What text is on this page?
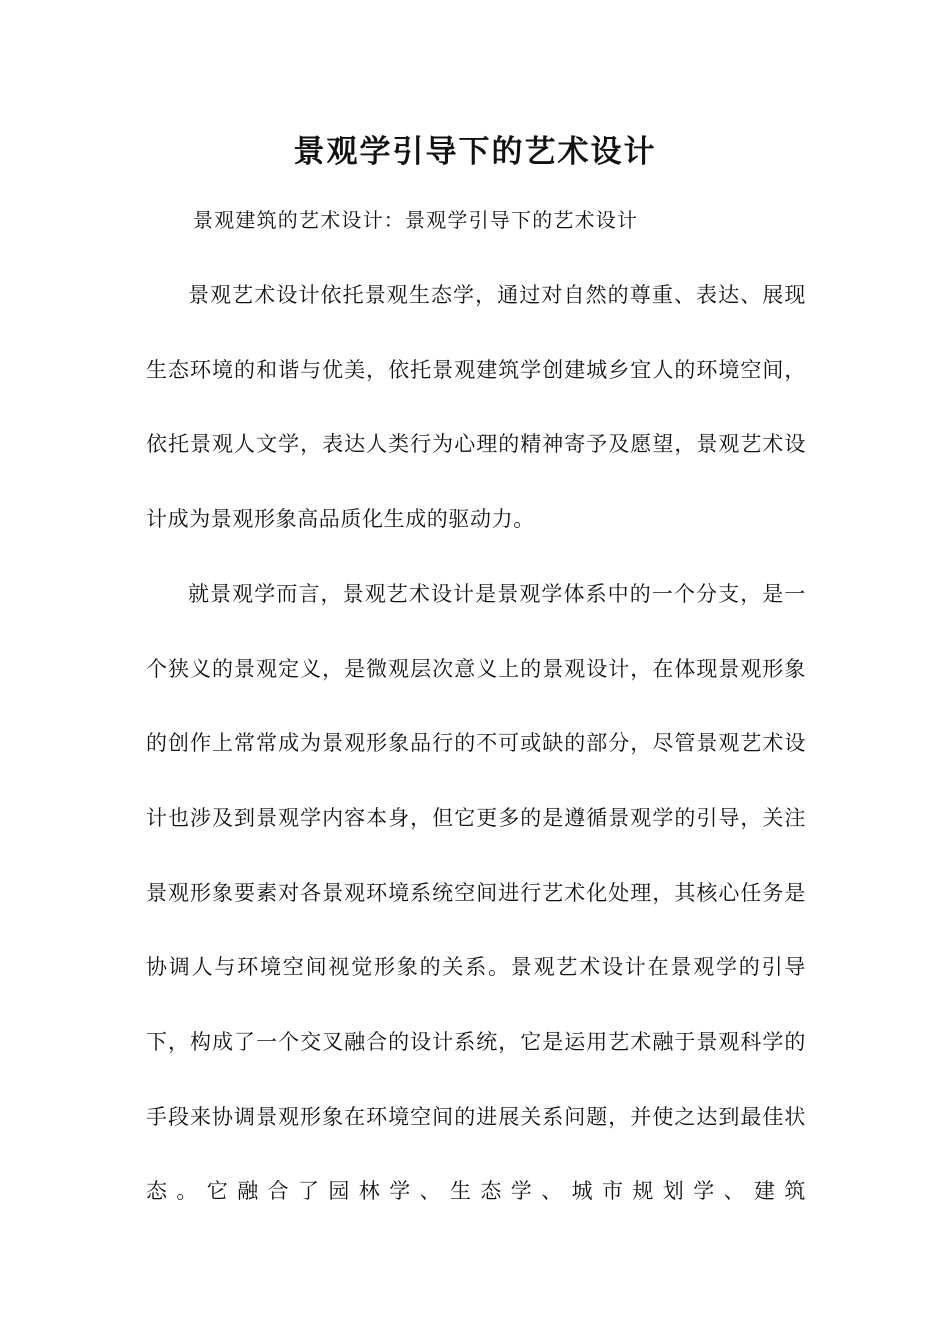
景观学引导下的艺术设计

景观建筑的艺术设计：景观学引导下的艺术设计

景观艺术设计依托景观生态学，通过对自然的尊重、表达、展现生态环境的和谐与优美，依托景观建筑学创建城乡宜人的环境空间，依托景观人文学，表达人类行为心理的精神寄予及愿望，景观艺术设计成为景观形象高品质化生成的驱动力。

就景观学而言，景观艺术设计是景观学体系中的一个分支，是一个狭义的景观定义，是微观层次意义上的景观设计，在体现景观形象的创作上常常成为景观形象品行的不可或缺的部分，尽管景观艺术设计也涉及到景观学内容本身，但它更多的是遵循景观学的引导，关注景观形象要素对各景观环境系统空间进行艺术化处理，其核心任务是协调人与环境空间视觉形象的关系。景观艺术设计在景观学的引导下，构成了一个交叉融合的设计系统，它是运用艺术融于景观科学的手段来协调景观形象在环境空间的进展关系问题，并使之达到最佳状态。它融合了园林学、生态学、城市规划学、建筑
